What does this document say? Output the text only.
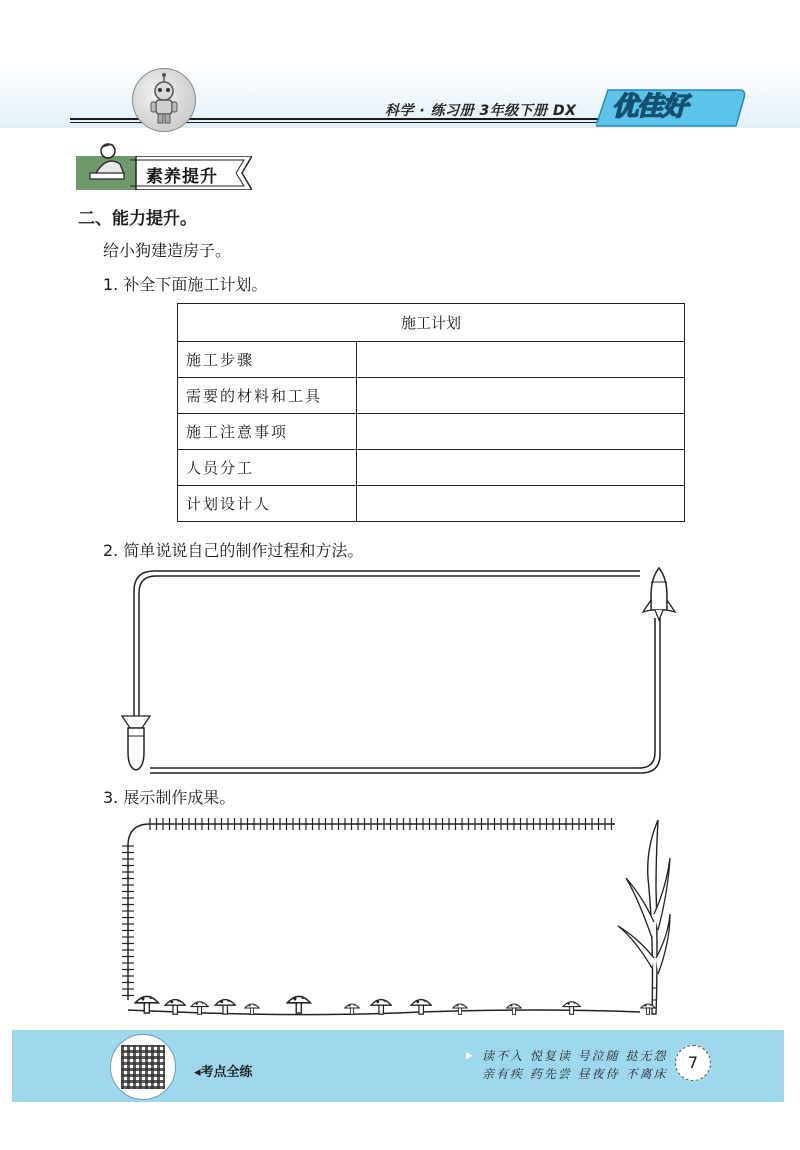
科学 · 练习册 3年级下册 DX 优佳好
素养提升
二、能力提升。
给小狗建造房子。
1. 补全下面施工计划。
施工计划	
施工步骤	
需要的材料和工具	
施工注意事项	
人员分工	
计划设计人	
2. 简单说说自己的制作过程和方法。
3. 展示制作成果。
◂考点全练
▶ 读不入 悦复读 号泣随 挞无怨
亲有疾 药先尝 昼夜侍 不离床
7
